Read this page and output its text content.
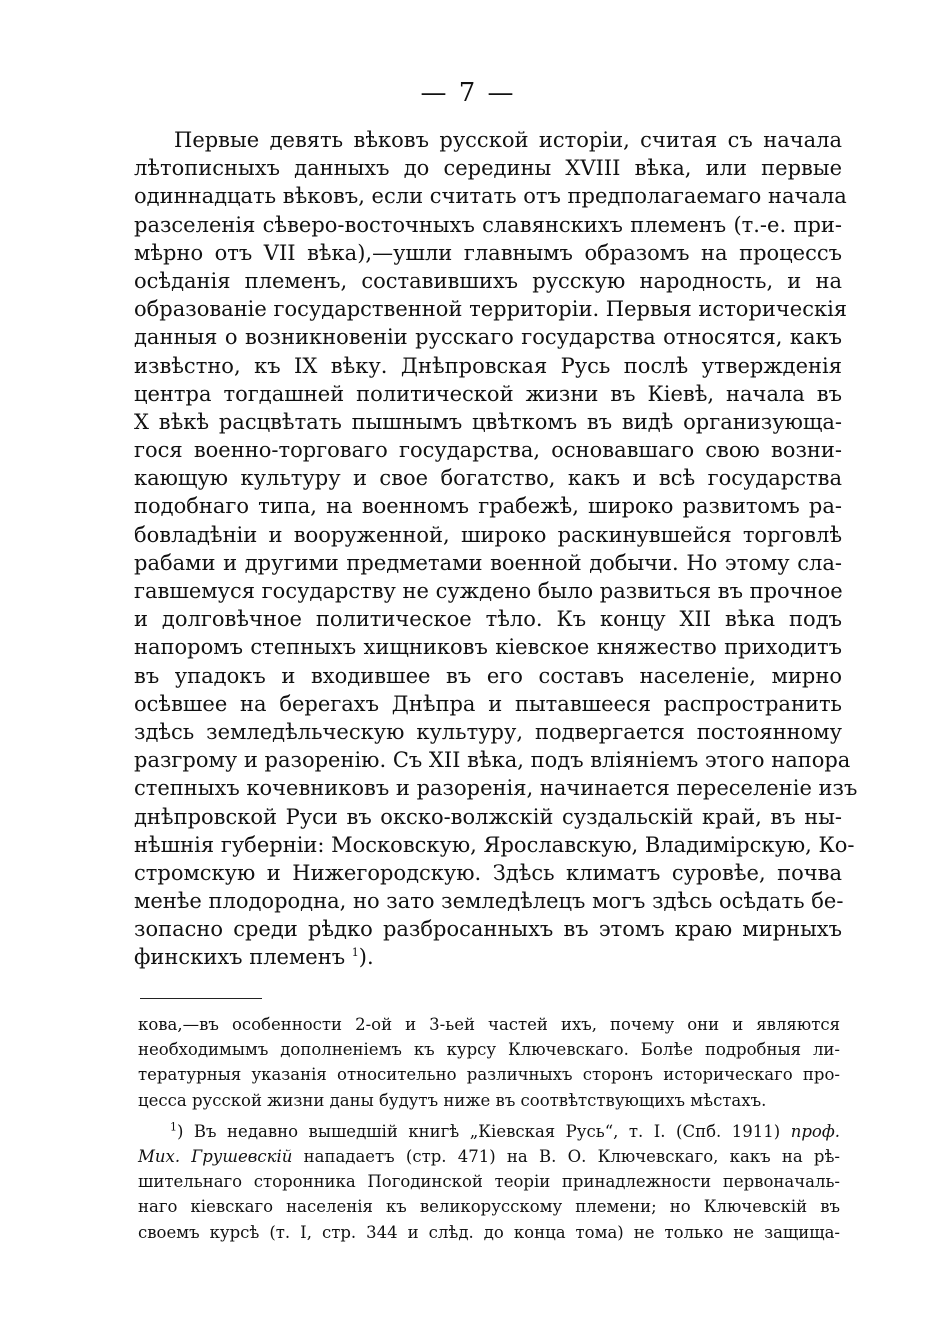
— 7 —
Первые девять вѣковъ русской исторіи, считая съ начала
лѣтописныхъ данныхъ до середины XVIII вѣка, или первые
одиннадцать вѣковъ, если считать отъ предполагаемаго начала
разселенія сѣверо-восточныхъ славянскихъ племенъ (т.-е. при-
мѣрно отъ VII вѣка),—ушли главнымъ образомъ на процессъ
осѣданія племенъ, составившихъ русскую народность, и на
образованіе государственной территоріи. Первыя историческія
данныя о возникновеніи русскаго государства относятся, какъ
извѣстно, къ IX вѣку. Днѣпровская Русь послѣ утвержденія
центра тогдашней политической жизни въ Кіевѣ, начала въ
X вѣкѣ расцвѣтать пышнымъ цвѣткомъ въ видѣ организующа-
гося военно-торговаго государства, основавшаго свою возни-
кающую культуру и свое богатство, какъ и всѣ государства
подобнаго типа, на военномъ грабежѣ, широко развитомъ ра-
бовладѣніи и вооруженной, широко раскинувшейся торговлѣ
рабами и другими предметами военной добычи. Но этому сла-
гавшемуся государству не суждено было развиться въ прочное
и долговѣчное политическое тѣло. Къ концу XII вѣка подъ
напоромъ степныхъ хищниковъ кіевское княжество приходитъ
въ упадокъ и входившее въ его составъ населеніе, мирно
осѣвшее на берегахъ Днѣпра и пытавшееся распространить
здѣсь земледѣльческую культуру, подвергается постоянному
разгрому и разоренію. Съ XII вѣка, подъ вліяніемъ этого напора
степныхъ кочевниковъ и разоренія, начинается переселеніе изъ
днѣпровской Руси въ окско-волжскій суздальскій край, въ ны-
нѣшнія губерніи: Московскую, Ярославскую, Владимірскую, Ко-
стромскую и Нижегородскую. Здѣсь климатъ суровѣе, почва
менѣе плодородна, но зато земледѣлецъ могъ здѣсь осѣдать бе-
зопасно среди рѣдко разбросанныхъ въ этомъ краю мирныхъ
финскихъ племенъ $^1$).
кова,—въ особенности 2-ой и 3-ьей частей ихъ, почему они и являются
необходимымъ дополненіемъ къ курсу Ключевскаго. Болѣе подробныя ли-
тературныя указанія относительно различныхъ сторонъ историческаго про-
цесса русской жизни даны будутъ ниже въ соотвѣтствующихъ мѣстахъ.
$^1$) Въ недавно вышедшій книгѣ „Кіевская Русь“, т. I. (Спб. 1911) проф.
Мих. Грушевскій нападаетъ (стр. 471) на В. О. Ключевскаго, какъ на рѣ-
шительнаго сторонника Погодинской теоріи принадлежности первоначаль-
наго кіевскаго населенія къ великорусскому племени; но Ключевскій въ
своемъ курсѣ (т. I, стр. 344 и слѣд. до конца тома) не только не защища-
